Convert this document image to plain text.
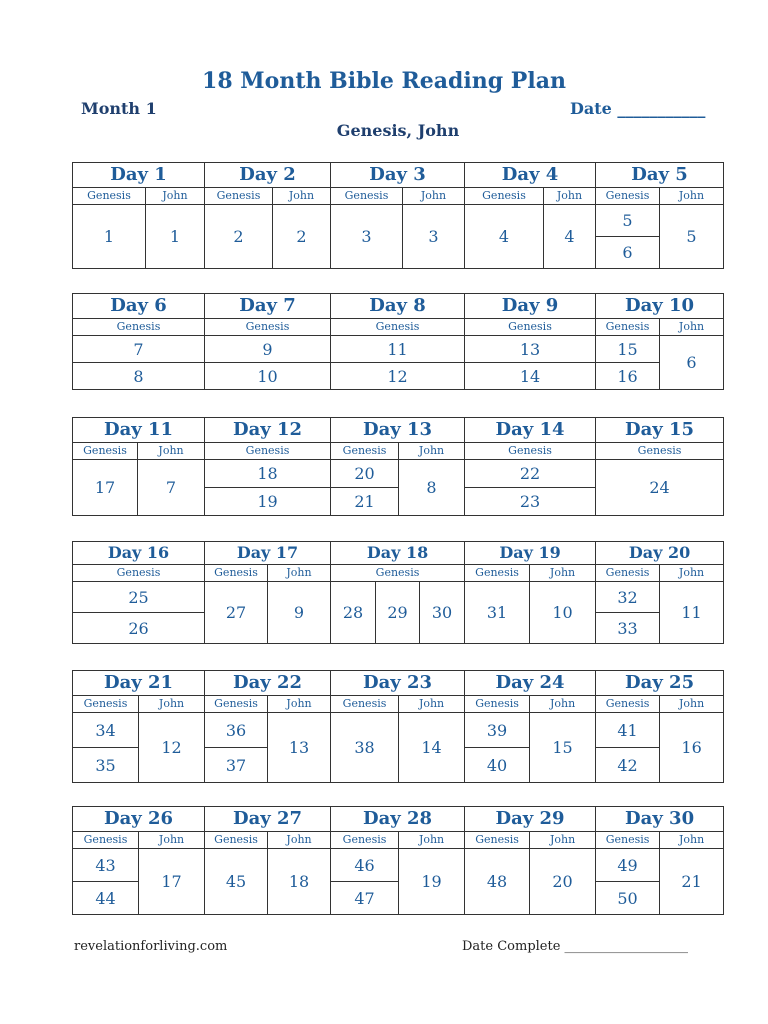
18 Month Bible Reading Plan
Month 1	Date ___________
Genesis, John
Day 1		Day 2		Day 3		Day 4		Day 5	
Genesis	John	Genesis	John	Genesis	John	Genesis	John	Genesis	John
1	1	2	2	3	3	4	4	5	5
								6	
Day 6	Day 7	Day 8	Day 9	Day 10	
Genesis	Genesis	Genesis	Genesis	Genesis	John
7	9	11	13	15	6
8	10	12	14	16	
Day 11		Day 12	Day 13		Day 14	Day 15
Genesis	John	Genesis	Genesis	John	Genesis	Genesis
17	7	18	20	8	22	24
		19	21		23	
Day 16	Day 17		Day 18			Day 19		Day 20	
Genesis	Genesis	John	Genesis			Genesis	John	Genesis	John
25	27	9	28	29	30	31	10	32	11
26								33	
Day 21		Day 22		Day 23		Day 24		Day 25	
Genesis	John	Genesis	John	Genesis	John	Genesis	John	Genesis	John
34	12	36	13	38	14	39	15	41	16
35		37				40		42	
Day 26		Day 27		Day 28		Day 29		Day 30	
Genesis	John	Genesis	John	Genesis	John	Genesis	John	Genesis	John
43	17	45	18	46	19	48	20	49	21
44				47				50	
revelationforliving.com	Date Complete ___________________
